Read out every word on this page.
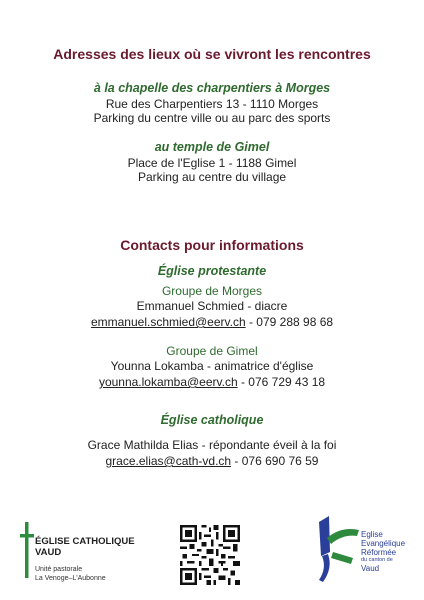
Adresses des lieux où se vivront les rencontres
à la chapelle des charpentiers à Morges
Rue des Charpentiers 13 - 1110 Morges
Parking du centre ville ou au parc des sports
au temple de Gimel
Place de l'Eglise 1 - 1188 Gimel
Parking au centre du village
Contacts pour informations
Église protestante
Groupe de Morges
Emmanuel Schmied - diacre
emmanuel.schmied@eerv.ch - 079 288 98 68
Groupe de Gimel
Younna Lokamba - animatrice d'église
younna.lokamba@eerv.ch - 076 729 43 18
Église catholique
Grace Mathilda Elias - répondante éveil à la foi
grace.elias@cath-vd.ch - 076 690 76 59
ÉGLISE CATHOLIQUE
VAUD
Unité pastorale
La Venoge–L'Aubonne
Eglise
Evangélique
Réformée
du canton de
Vaud
